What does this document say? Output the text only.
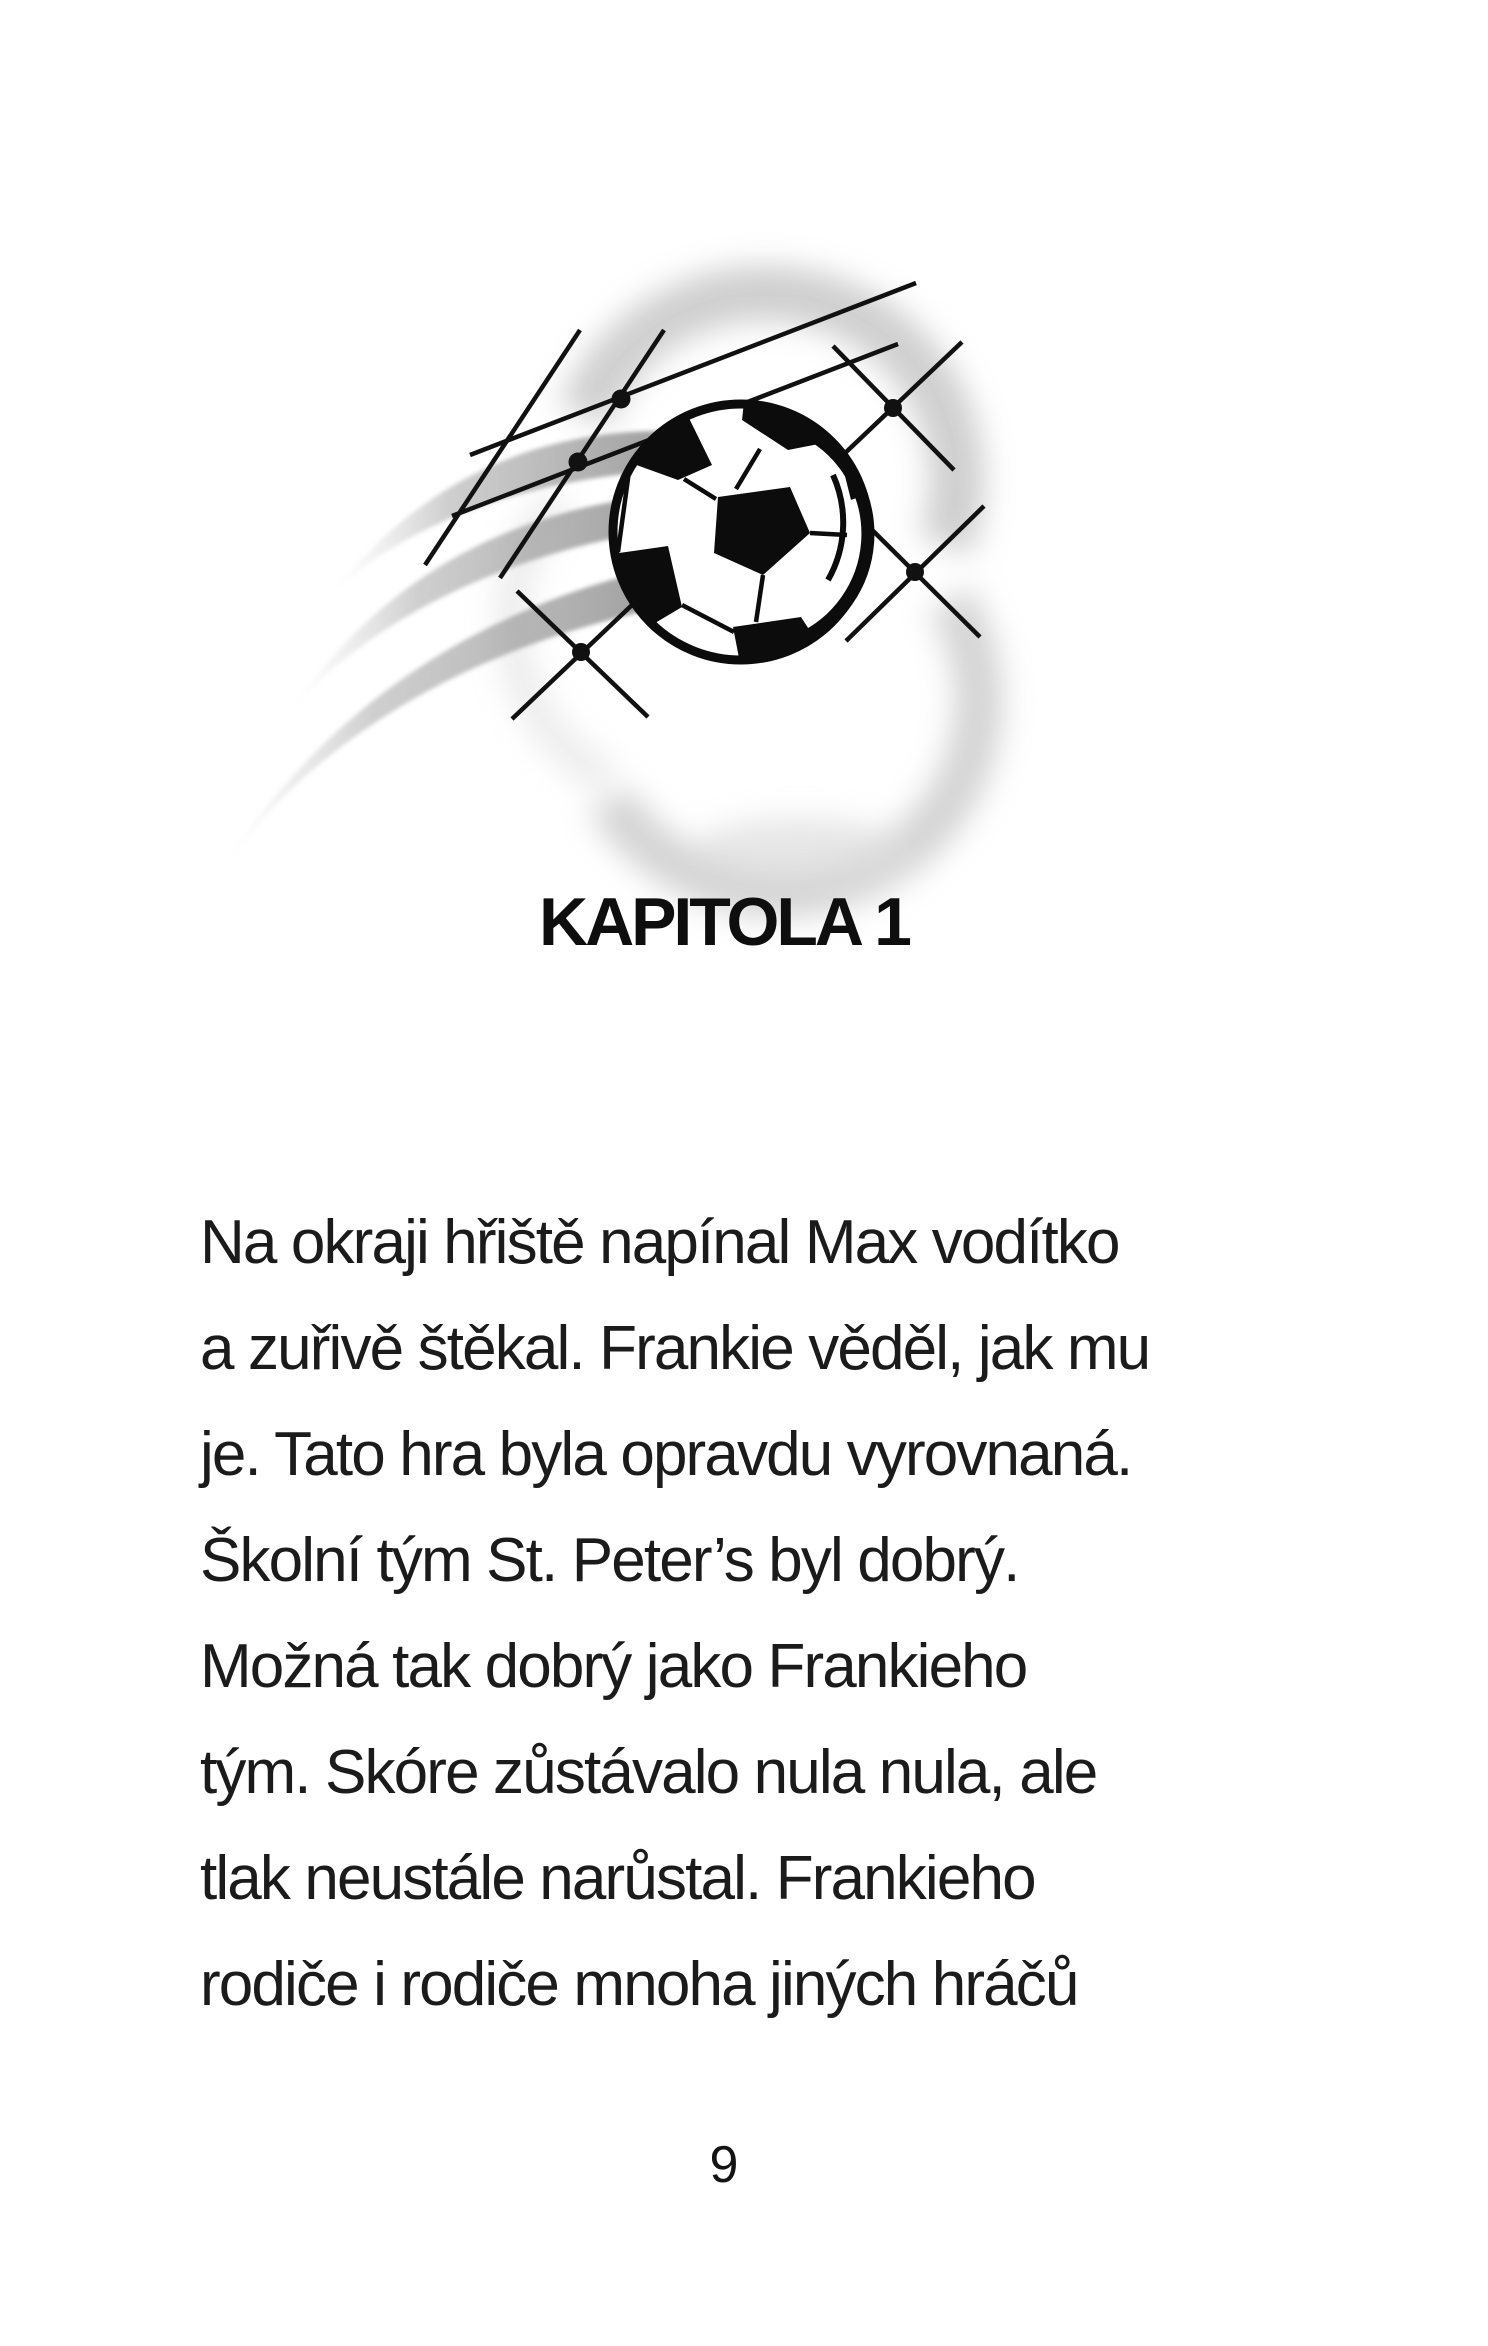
KAPITOLA 1
Na okraji hřiště napínal Max vodítko
a zuřivě štěkal. Frankie věděl, jak mu
je. Tato hra byla opravdu vyrovnaná.
Školní tým St. Peter’s byl dobrý.
Možná tak dobrý jako Frankieho
tým. Skóre zůstávalo nula nula, ale
tlak neustále narůstal. Frankieho
rodiče i rodiče mnoha jiných hráčů
9
